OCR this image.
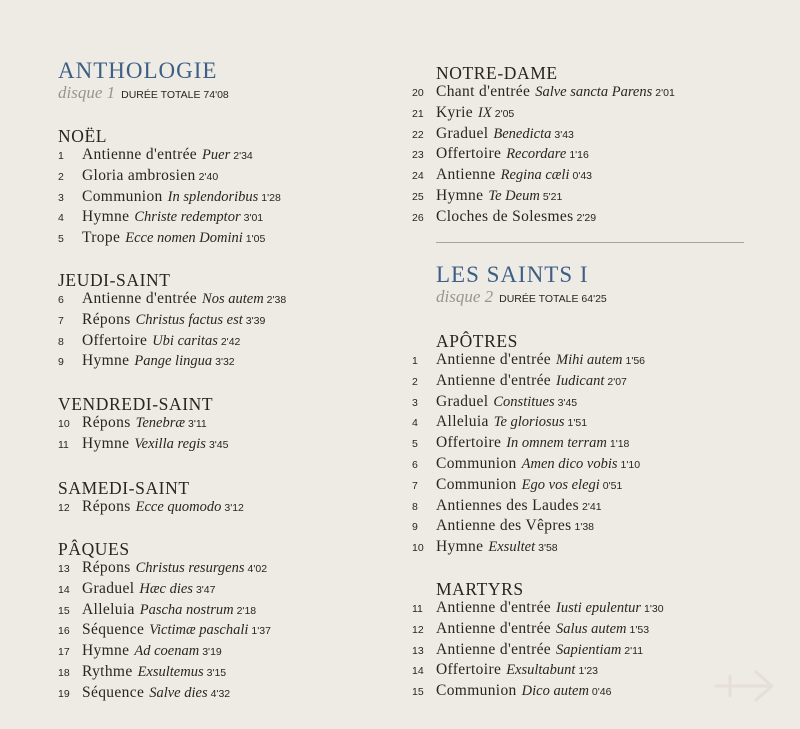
ANTHOLOGIE
disque 1 DURÉE TOTALE 74'08
NOËL
1	Antienne d'entrée Puer 2'34
2	Gloria ambrosien 2'40
3	Communion In splendoribus 1'28
4	Hymne Christe redemptor 3'01
5	Trope Ecce nomen Domini 1'05
JEUDI-SAINT
6	Antienne d'entrée Nos autem 2'38
7	Répons Christus factus est 3'39
8	Offertoire Ubi caritas 2'42
9	Hymne Pange lingua 3'32
VENDREDI-SAINT
10 Répons Tenebræ 3'11
11 Hymne Vexilla regis 3'45
SAMEDI-SAINT
12 Répons Ecce quomodo 3'12
PÂQUES
13 Répons Christus resurgens 4'02
14 Graduel Hæc dies 3'47
15 Alleluia Pascha nostrum 2'18
16 Séquence Victimæ paschali 1'37
17 Hymne Ad coenam 3'19
18 Rythme Exsultemus 3'15
19 Séquence Salve dies 4'32
NOTRE-DAME
20 Chant d'entrée Salve sancta Parens 2'01
21 Kyrie IX 2'05
22 Graduel Benedicta 3'43
23 Offertoire Recordare 1'16
24 Antienne Regina cæli 0'43
25 Hymne Te Deum 5'21
26 Cloches de Solesmes 2'29
LES SAINTS I
disque 2 DURÉE TOTALE 64'25
APÔTRES
1	Antienne d'entrée Mihi autem 1'56
2	Antienne d'entrée Iudicant 2'07
3	Graduel Constitues 3'45
4	Alleluia Te gloriosus 1'51
5	Offertoire In omnem terram 1'18
6	Communion Amen dico vobis 1'10
7	Communion Ego vos elegi 0'51
8	Antiennes des Laudes 2'41
9	Antienne des Vêpres 1'38
10 Hymne Exsultet 3'58
MARTYRS
11 Antienne d'entrée Iusti epulentur 1'30
12 Antienne d'entrée Salus autem 1'53
13 Antienne d'entrée Sapientiam 2'11
14 Offertoire Exsultabunt 1'23
15 Communion Dico autem 0'46
